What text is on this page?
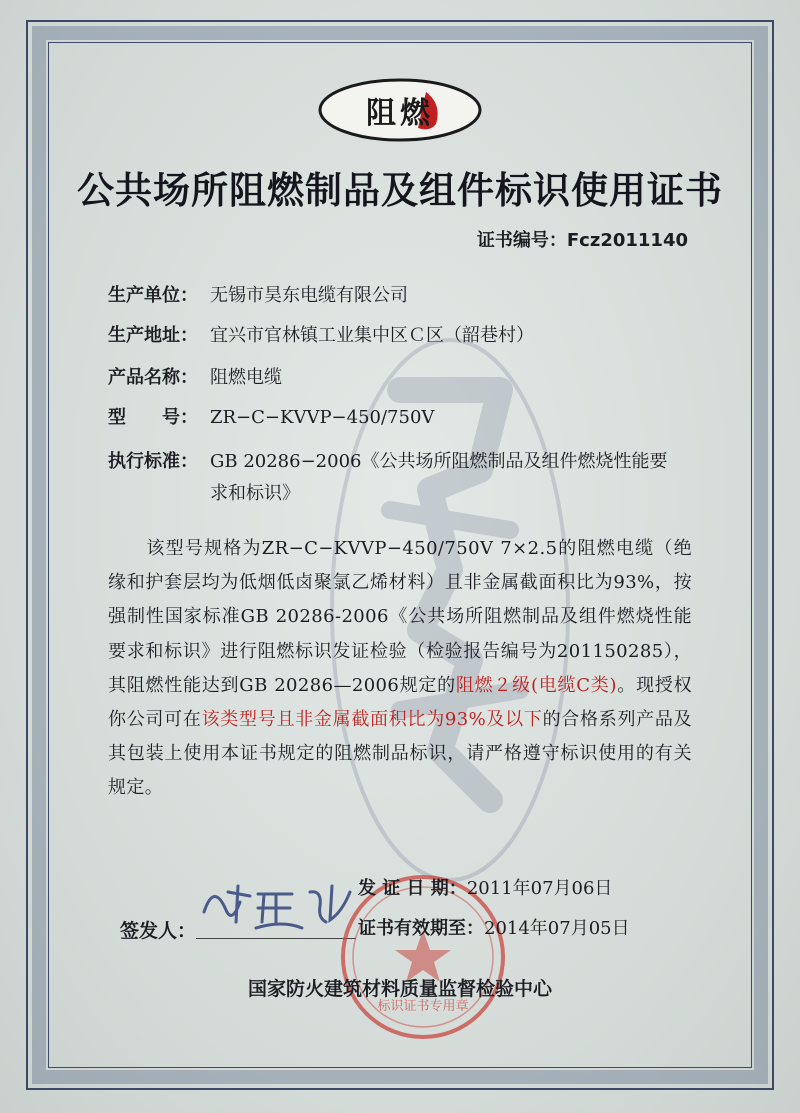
阻燃
公共场所阻燃制品及组件标识使用证书
证书编号：Fcz2011140
生产单位： 无锡市昊东电缆有限公司
生产地址： 宜兴市官林镇工业集中区Ｃ区（韶巷村）
产品名称： 阻燃电缆
型　　号： ZR−C−KVVP−450/750V
执行标准： GB 20286−2006《公共场所阻燃制品及组件燃烧性能要求和标识》
　　该型号规格为ZR−C−KVVP−450/750V 7×2.5的阻燃电缆（绝缘和护套层均为低烟低卤聚氯乙烯材料）且非金属截面积比为93%，按强制性国家标准GB 20286-2006《公共场所阻燃制品及组件燃烧性能要求和标识》进行阻燃标识发证检验（检验报告编号为201150285），其阻燃性能达到GB 20286—2006规定的阻燃２级(电缆C类)。现授权你公司可在该类型号且非金属截面积比为93%及以下的合格系列产品及其包装上使用本证书规定的阻燃制品标识，请严格遵守标识使用的有关规定。
标识证书专用章
发 证 日 期： 2011年07月06日
证书有效期至： 2014年07月05日
签发人：
国家防火建筑材料质量监督检验中心
